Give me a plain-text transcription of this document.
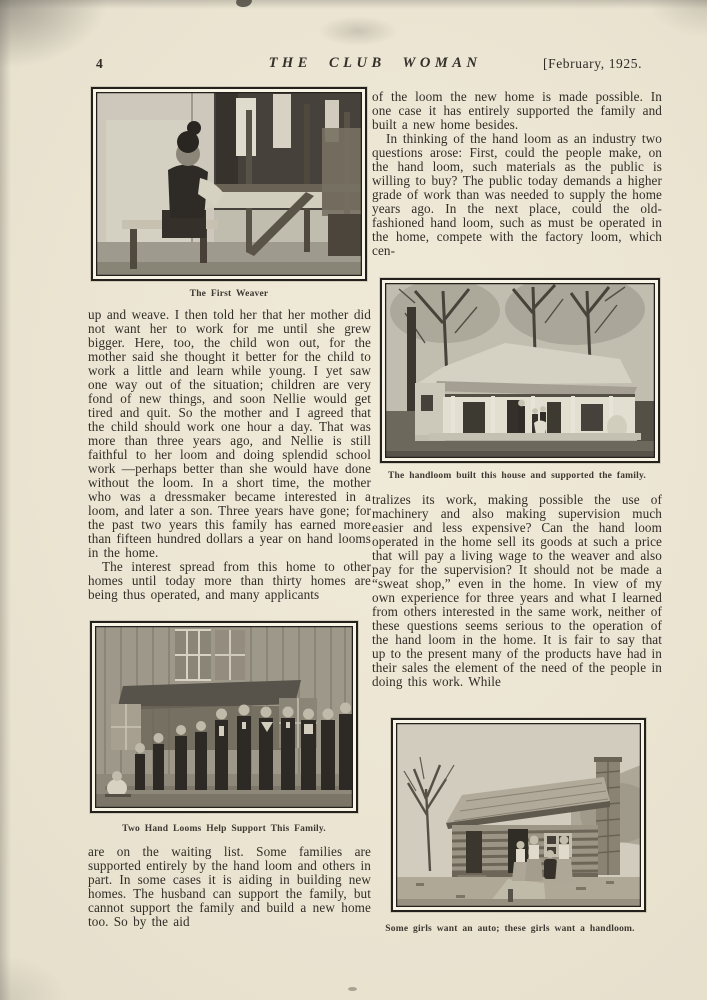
4	THE CLUB WOMAN	[February, 1925.
The First Weaver

up and weave. I then told her that her mother did not want her to work for me until she grew bigger. Here, too, the child won out, for the mother said she thought it better for the child to work a little and learn while young. I yet saw one way out of the situation; children are very fond of new things, and soon Nellie would get tired and quit. So the mother and I agreed that the child should work one hour a day. That was more than three years ago, and Nellie is still faithful to her loom and doing splendid school work —perhaps better than she would have done without the loom. In a short time, the mother who was a dressmaker became interested in a loom, and later a son. Three years have gone; for the past two years this family has earned more than fifteen hundred dollars a year on hand looms in the home.

The interest spread from this home to other homes until today more than thirty homes are being thus operated, and many applicants

Two Hand Looms Help Support This Family.

are on the waiting list. Some families are supported entirely by the hand loom and others in part. In some cases it is aiding in building new homes. The husband can support the family, but cannot support the family and build a new home too. So by the aid

of the loom the new home is made possible. In one case it has entirely supported the family and built a new home besides.

In thinking of the hand loom as an industry two questions arose: First, could the people make, on the hand loom, such materials as the public is willing to buy? The public today demands a higher grade of work than was needed to supply the home years ago. In the next place, could the old-fashioned hand loom, such as must be operated in the home, compete with the factory loom, which cen-

The handloom built this house and supported the family.

tralizes its work, making possible the use of machinery and also making supervision much easier and less expensive? Can the hand loom operated in the home sell its goods at such a price that will pay a living wage to the weaver and also pay for the supervision? It should not be made a “sweat shop,” even in the home. In view of my own experience for three years and what I learned from others interested in the same work, neither of these questions seems serious to the operation of the hand loom in the home. It is fair to say that up to the present many of the products have had in their sales the element of the need of the people in doing this work. While

Some girls want an auto; these girls want a handloom.
